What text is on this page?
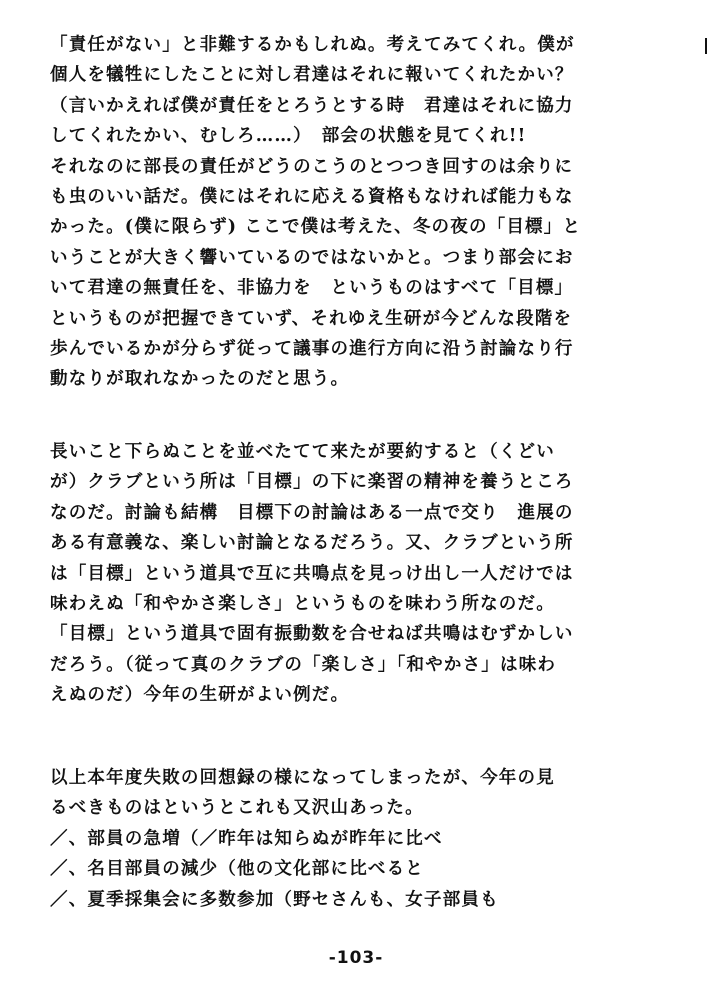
「責任がない」と非難するかもしれぬ。考えてみてくれ。僕が
個人を犠牲にしたことに対し君達はそれに報いてくれたかい？
（言いかえれば僕が責任をとろうとする時　君達はそれに協力
してくれたかい、むしろ……）　部会の状態を見てくれ!!
それなのに部長の責任がどうのこうのとつつき回すのは余りに
も虫のいい話だ。僕にはそれに応える資格もなければ能力もな
かった。(僕に限らず) ここで僕は考えた、冬の夜の「目標」と
いうことが大きく響いているのではないかと。つまり部会にお
いて君達の無責任を、非協力を　というものはすべて「目標」
というものが把握できていず、それゆえ生研が今どんな段階を
歩んでいるかが分らず従って議事の進行方向に沿う討論なり行
動なりが取れなかったのだと思う。
長いこと下らぬことを並べたてて来たが要約すると（くどい
が）クラブという所は「目標」の下に楽習の精神を養うところ
なのだ。討論も結構　目標下の討論はある一点で交り　進展の
ある有意義な、楽しい討論となるだろう。又、クラブという所
は「目標」という道具で互に共鳴点を見っけ出し一人だけでは
味わえぬ「和やかさ楽しさ」というものを味わう所なのだ。
「目標」という道具で固有振動数を合せねば共鳴はむずかしい
だろう。（従って真のクラブの「楽しさ」「和やかさ」は味わ
えぬのだ）今年の生研がよい例だ。
以上本年度失敗の回想録の様になってしまったが、今年の見
るべきものはというとこれも又沢山あった。
／、部員の急増（／昨年は知らぬが昨年に比べ
／、名目部員の減少（他の文化部に比べると
／、夏季採集会に多数参加（野セさんも、女子部員も
-103-
